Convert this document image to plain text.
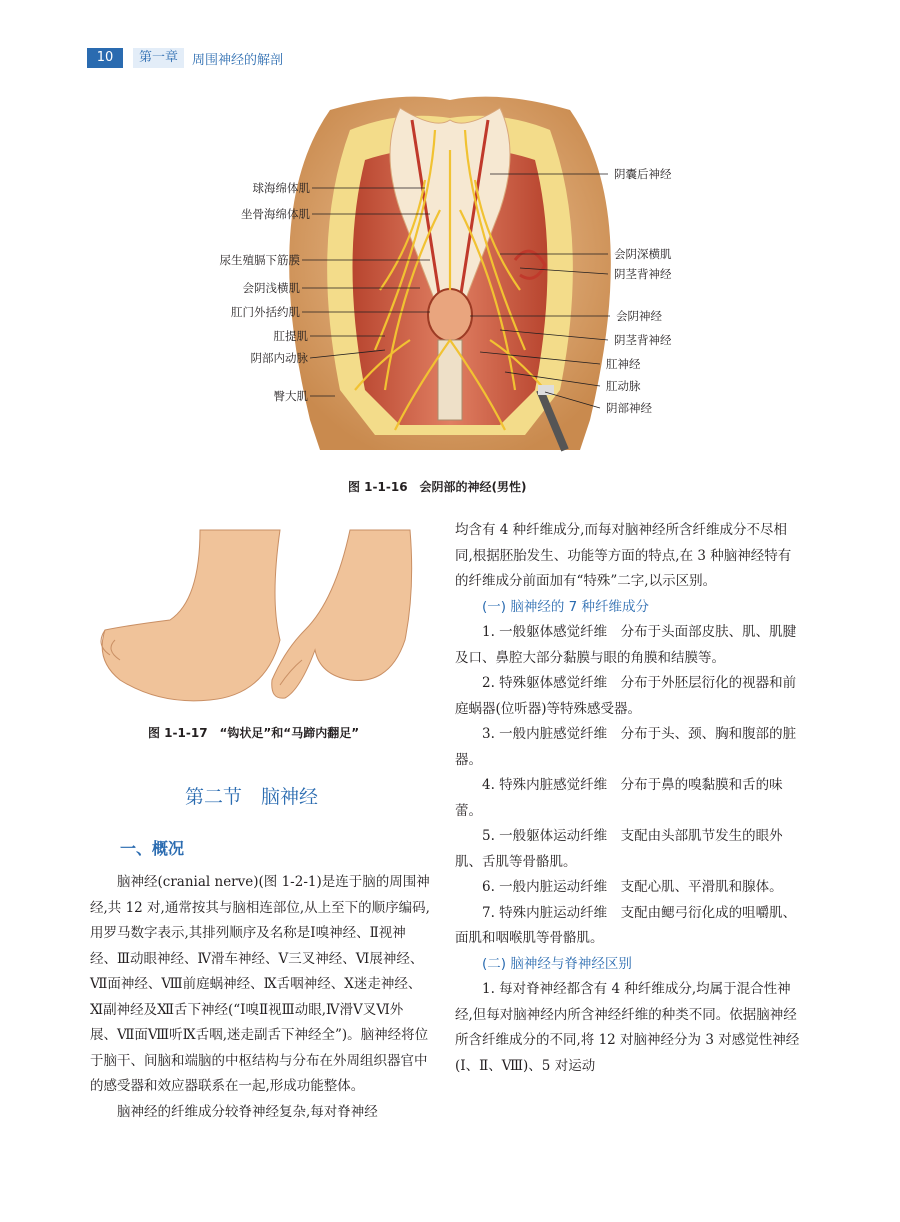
10	第一章	周围神经的解剖
球海绵体肌
坐骨海绵体肌
尿生殖膈下筋膜
会阴浅横肌
肛门外括约肌
肛提肌
阴部内动脉
臀大肌
阴囊后神经
会阴深横肌
阴茎背神经
会阴神经
阴茎背神经
肛神经
肛动脉
阴部神经
图 1-1-16　会阴部的神经(男性)
图 1-1-17　“钩状足”和“马蹄内翻足”
第二节　脑神经
一、概况

脑神经(cranial nerve)(图 1-2-1)是连于脑的周围神经,共 12 对,通常按其与脑相连部位,从上至下的顺序编码,用罗马数字表示,其排列顺序及名称是Ⅰ嗅神经、Ⅱ视神经、Ⅲ动眼神经、Ⅳ滑车神经、Ⅴ三叉神经、Ⅵ展神经、Ⅶ面神经、Ⅷ前庭蜗神经、Ⅸ舌咽神经、Ⅹ迷走神经、Ⅺ副神经及Ⅻ舌下神经(“Ⅰ嗅Ⅱ视Ⅲ动眼,Ⅳ滑Ⅴ叉Ⅵ外展、Ⅶ面Ⅷ听Ⅸ舌咽,迷走副舌下神经全”)。脑神经将位于脑干、间脑和端脑的中枢结构与分布在外周组织器官中的感受器和效应器联系在一起,形成功能整体。

脑神经的纤维成分较脊神经复杂,每对脊神经

均含有 4 种纤维成分,而每对脑神经所含纤维成分不尽相同,根据胚胎发生、功能等方面的特点,在 3 种脑神经特有的纤维成分前面加有“特殊”二字,以示区别。

(一) 脑神经的 7 种纤维成分

1. 一般躯体感觉纤维　分布于头面部皮肤、肌、肌腱及口、鼻腔大部分黏膜与眼的角膜和结膜等。

2. 特殊躯体感觉纤维　分布于外胚层衍化的视器和前庭蜗器(位听器)等特殊感受器。

3. 一般内脏感觉纤维　分布于头、颈、胸和腹部的脏器。

4. 特殊内脏感觉纤维　分布于鼻的嗅黏膜和舌的味蕾。

5. 一般躯体运动纤维　支配由头部肌节发生的眼外肌、舌肌等骨骼肌。

6. 一般内脏运动纤维　支配心肌、平滑肌和腺体。

7. 特殊内脏运动纤维　支配由鳃弓衍化成的咀嚼肌、面肌和咽喉肌等骨骼肌。

(二) 脑神经与脊神经区别

1. 每对脊神经都含有 4 种纤维成分,均属于混合性神经,但每对脑神经内所含神经纤维的种类不同。依据脑神经所含纤维成分的不同,将 12 对脑神经分为 3 对感觉性神经(Ⅰ、Ⅱ、Ⅷ)、5 对运动
